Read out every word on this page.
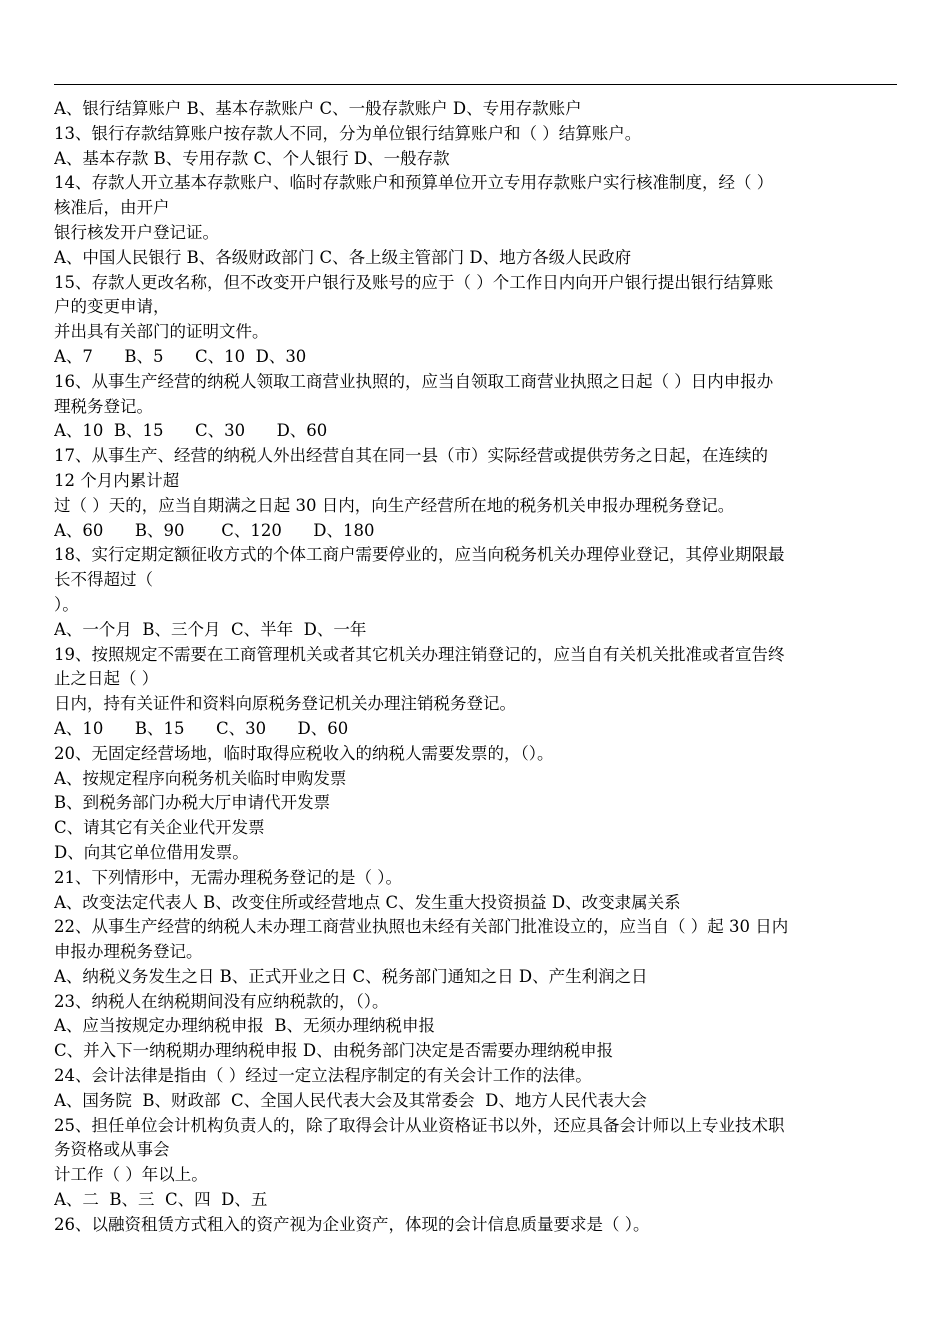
A、银行结算账户 B、基本存款账户 C、一般存款账户 D、专用存款账户
13、银行存款结算账户按存款人不同，分为单位银行结算账户和（ ）结算账户。
A、基本存款 B、专用存款 C、个人银行 D、一般存款
14、存款人开立基本存款账户、临时存款账户和预算单位开立专用存款账户实行核准制度，经（ ）
核准后，由开户
银行核发开户登记证。
A、中国人民银行 B、各级财政部门 C、各上级主管部门 D、地方各级人民政府
15、存款人更改名称，但不改变开户银行及账号的应于（ ）个工作日内向开户银行提出银行结算账
户的变更申请，
并出具有关部门的证明文件。
A、7      B、5      C、10  D、30
16、从事生产经营的纳税人领取工商营业执照的，应当自领取工商营业执照之日起（ ）日内申报办
理税务登记。
A、10  B、15      C、30      D、60
17、从事生产、经营的纳税人外出经营自其在同一县（市）实际经营或提供劳务之日起，在连续的
12 个月内累计超
过（ ）天的，应当自期满之日起 30 日内，向生产经营所在地的税务机关申报办理税务登记。
A、60      B、90       C、120      D、180
18、实行定期定额征收方式的个体工商户需要停业的，应当向税务机关办理停业登记，其停业期限最
长不得超过（
）。
A、一个月  B、三个月  C、半年  D、一年
19、按照规定不需要在工商管理机关或者其它机关办理注销登记的，应当自有关机关批准或者宣告终
止之日起（ ）
日内，持有关证件和资料向原税务登记机关办理注销税务登记。
A、10      B、15      C、30      D、60
20、无固定经营场地，临时取得应税收入的纳税人需要发票的，（）。
A、按规定程序向税务机关临时申购发票
B、到税务部门办税大厅申请代开发票
C、请其它有关企业代开发票
D、向其它单位借用发票。
21、下列情形中，无需办理税务登记的是（ ）。
A、改变法定代表人 B、改变住所或经营地点 C、发生重大投资损益 D、改变隶属关系
22、从事生产经营的纳税人未办理工商营业执照也未经有关部门批准设立的，应当自（ ）起 30 日内
申报办理税务登记。
A、纳税义务发生之日 B、正式开业之日 C、税务部门通知之日 D、产生利润之日
23、纳税人在纳税期间没有应纳税款的，（）。
A、应当按规定办理纳税申报  B、无须办理纳税申报
C、并入下一纳税期办理纳税申报 D、由税务部门决定是否需要办理纳税申报
24、会计法律是指由（ ）经过一定立法程序制定的有关会计工作的法律。
A、国务院  B、财政部  C、全国人民代表大会及其常委会  D、地方人民代表大会
25、担任单位会计机构负责人的，除了取得会计从业资格证书以外，还应具备会计师以上专业技术职
务资格或从事会
计工作（ ）年以上。
A、二  B、三  C、四  D、五
26、以融资租赁方式租入的资产视为企业资产，体现的会计信息质量要求是（ ）。
